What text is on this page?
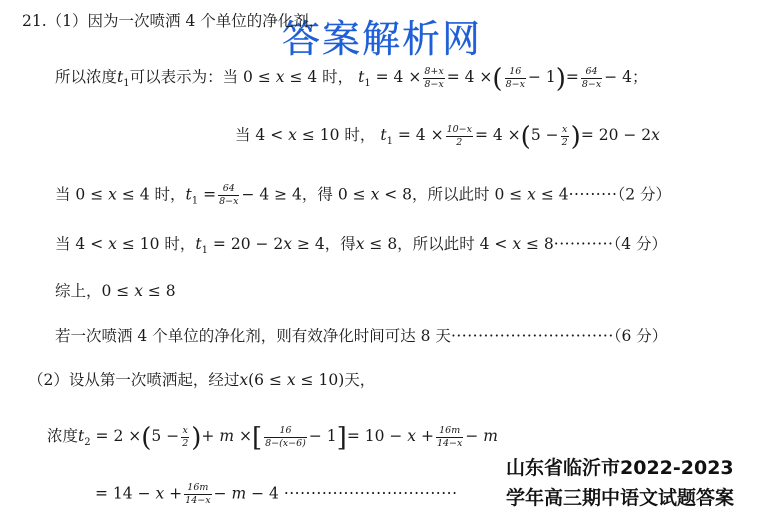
答案解析网
21.（1）因为一次喷洒 4 个单位的净化剂，
所以浓度$t_1$可以表示为：当 0 ≤ x ≤ 4 时， $t_1 = 4 \times \frac{8+x}{8-x} = 4$ ×( $\frac{16}{8-x} - 1)= \frac{64}{8-x} - 4$；
当 4 < x ≤ 10 时， $t_1 = 4 \times \frac{10-x}{2} = 4 \times(5 - \frac{x}{2}$ )= 20 − 2x
当 0 ≤ x ≤ 4 时，$t_1 = \frac{64}{8-x} - 4 \ge 4$，得 0 ≤ x < 8，所以此时 0 ≤ x ≤ 4·········（2 分）
当 4 < x ≤ 10 时，$t_1 = 20 - 2x \ge 4$，得x ≤ 8，所以此时 4 < x ≤ 8···········（4 分）
综上，0 ≤ x ≤ 8
若一次喷洒 4 个单位的净化剂，则有效净化时间可达 8 天······························（6 分）
（2）设从第一次喷洒起，经过x(6 ≤ x ≤ 10)天，
浓度$t_2 = 2 \times(5 - \frac{x}{2}$ )+ m ×[ $\frac{16}{8-(x-6)} - 1]= 10 - x + \frac{16m}{14-x} - m$
= $14 - x + \frac{16m}{14-x} - m - 4$ ································
山东省临沂市2022-2023
学年高三期中语文试题答案
